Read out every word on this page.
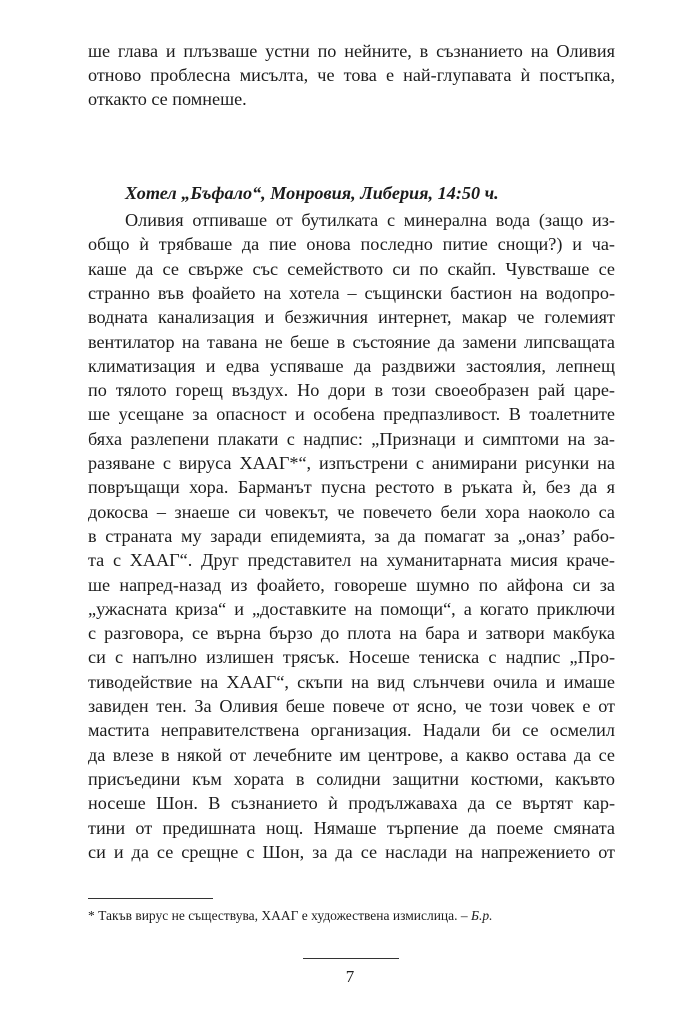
ше глава и плъзваше устни по нейните, в съзнанието на Оливия
отново проблесна мисълта, че това е най-глупавата ѝ постъпка,
откакто се помнеше.
Хотел „Бъфало“, Монровия, Либерия, 14:50 ч.
Оливия отпиваше от бутилката с минерална вода (защо из-
общо ѝ трябваше да пие онова последно питие снощи?) и ча-
каше да се свърже със семейството си по скайп. Чувстваше се
странно във фоайето на хотела – същински бастион на водопро-
водната канализация и безжичния интернет, макар че големият
вентилатор на тавана не беше в състояние да замени липсващата
климатизация и едва успяваше да раздвижи застоялия, лепнещ
по тялото горещ въздух. Но дори в този своеобразен рай царе-
ше усещане за опасност и особена предпазливост. В тоалетните
бяха разлепени плакати с надпис: „Признаци и симптоми на за-
разяване с вируса ХААГ*“, изпъстрени с анимирани рисунки на
повръщащи хора. Барманът пусна рестото в ръката ѝ, без да я
докосва – знаеше си човекът, че повечето бели хора наоколо са
в страната му заради епидемията, за да помагат за „оназ’ рабо-
та с ХААГ“. Друг представител на хуманитарната мисия краче-
ше напред-назад из фоайето, говореше шумно по айфона си за
„ужасната криза“ и „доставките на помощи“, а когато приключи
с разговора, се върна бързо до плота на бара и затвори макбука
си с напълно излишен трясък. Носеше тениска с надпис „Про-
тиводействие на ХААГ“, скъпи на вид слънчеви очила и имаше
завиден тен. За Оливия беше повече от ясно, че този човек е от
мастита неправителствена организация. Надали би се осмелил
да влезе в някой от лечебните им центрове, а какво остава да се
присъедини към хората в солидни защитни костюми, какъвто
носеше Шон. В съзнанието ѝ продължаваха да се въртят кар-
тини от предишната нощ. Нямаше търпение да поеме смяната
си и да се срещне с Шон, за да се наслади на напрежението от
* Такъв вирус не съществува, ХААГ е художествена измислица. – Б.р.
7
